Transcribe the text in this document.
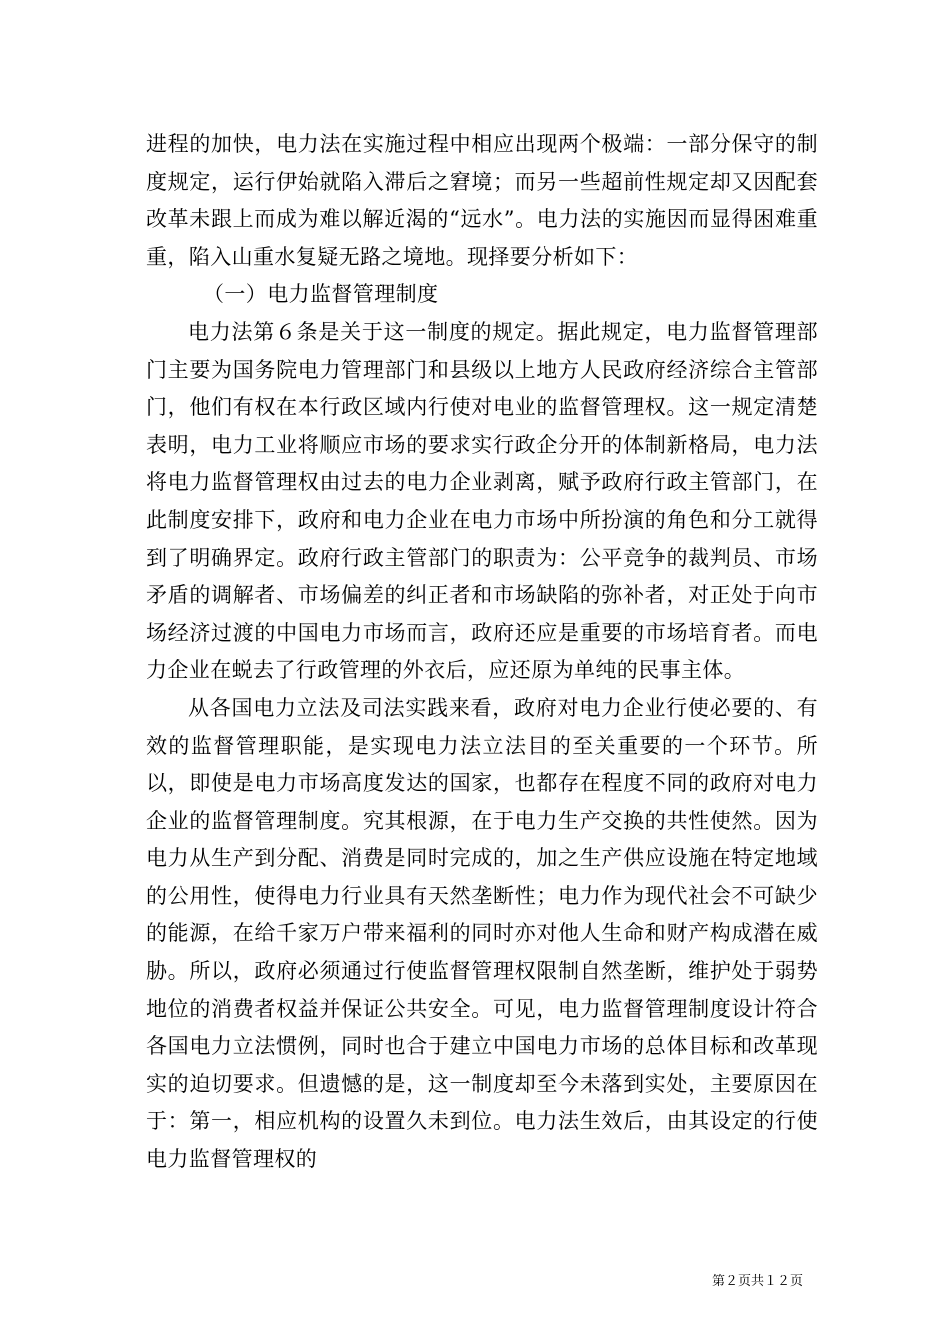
进程的加快，电力法在实施过程中相应出现两个极端：一部分保守的制度规定，运行伊始就陷入滞后之窘境；而另一些超前性规定却又因配套改革未跟上而成为难以解近渴的“远水”。电力法的实施因而显得困难重重，陷入山重水复疑无路之境地。现择要分析如下：

（一）电力监督管理制度

电力法第６条是关于这一制度的规定。据此规定，电力监督管理部门主要为国务院电力管理部门和县级以上地方人民政府经济综合主管部门，他们有权在本行政区域内行使对电业的监督管理权。这一规定清楚表明，电力工业将顺应市场的要求实行政企分开的体制新格局，电力法将电力监督管理权由过去的电力企业剥离，赋予政府行政主管部门，在此制度安排下，政府和电力企业在电力市场中所扮演的角色和分工就得到了明确界定。政府行政主管部门的职责为：公平竞争的裁判员、市场矛盾的调解者、市场偏差的纠正者和市场缺陷的弥补者，对正处于向市场经济过渡的中国电力市场而言，政府还应是重要的市场培育者。而电力企业在蜕去了行政管理的外衣后，应还原为单纯的民事主体。

从各国电力立法及司法实践来看，政府对电力企业行使必要的、有效的监督管理职能，是实现电力法立法目的至关重要的一个环节。所以，即使是电力市场高度发达的国家，也都存在程度不同的政府对电力企业的监督管理制度。究其根源，在于电力生产交换的共性使然。因为电力从生产到分配、消费是同时完成的，加之生产供应设施在特定地域的公用性，使得电力行业具有天然垄断性；电力作为现代社会不可缺少的能源，在给千家万户带来福利的同时亦对他人生命和财产构成潜在威胁。所以，政府必须通过行使监督管理权限制自然垄断，维护处于弱势地位的消费者权益并保证公共安全。可见，电力监督管理制度设计符合各国电力立法惯例，同时也合于建立中国电力市场的总体目标和改革现实的迫切要求。但遗憾的是，这一制度却至今未落到实处，主要原因在于：第一，相应机构的设置久未到位。电力法生效后，由其设定的行使电力监督管理权的

第２页共１２页
